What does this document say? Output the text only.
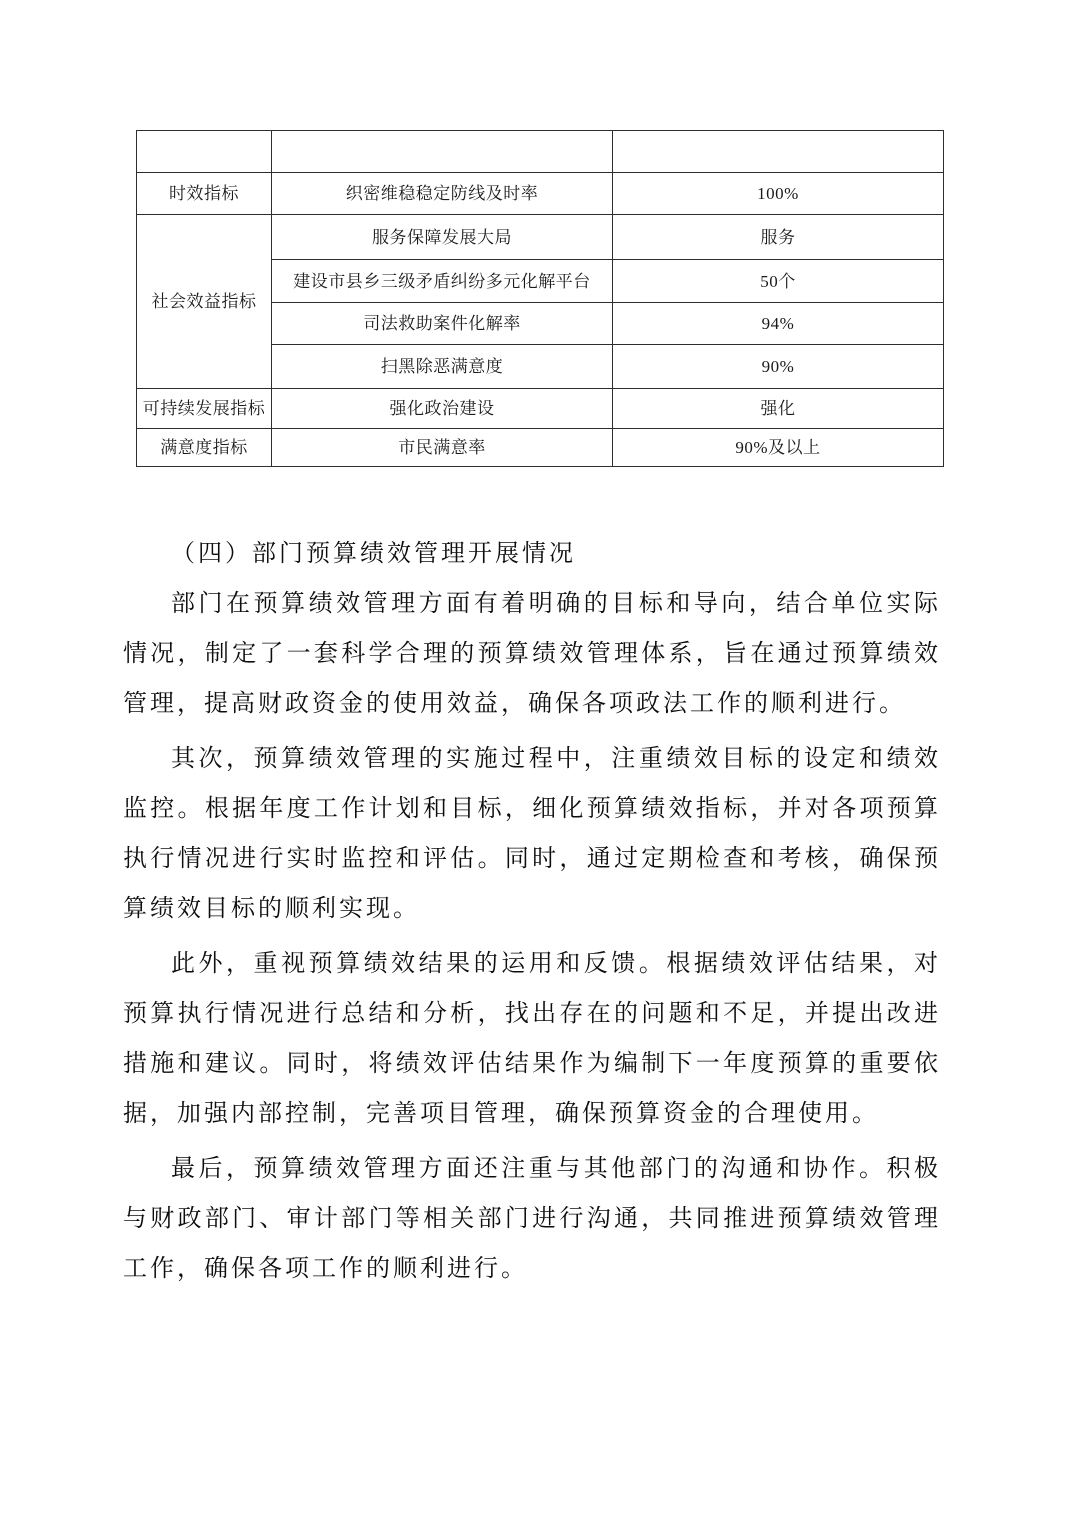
时效指标	织密维稳稳定防线及时率	100%
社会效益指标	服务保障发展大局	服务
	建设市县乡三级矛盾纠纷多元化解平台	50个
	司法救助案件化解率	94%
	扫黑除恶满意度	90%
可持续发展指标	强化政治建设	强化
满意度指标	市民满意率	90%及以上
（四）部门预算绩效管理开展情况

部门在预算绩效管理方面有着明确的目标和导向，结合单位实际情况，制定了一套科学合理的预算绩效管理体系，旨在通过预算绩效管理，提高财政资金的使用效益，确保各项政法工作的顺利进行。

其次，预算绩效管理的实施过程中，注重绩效目标的设定和绩效监控。根据年度工作计划和目标，细化预算绩效指标，并对各项预算执行情况进行实时监控和评估。同时，通过定期检查和考核，确保预算绩效目标的顺利实现。

此外，重视预算绩效结果的运用和反馈。根据绩效评估结果，对预算执行情况进行总结和分析，找出存在的问题和不足，并提出改进措施和建议。同时，将绩效评估结果作为编制下一年度预算的重要依据，加强内部控制，完善项目管理，确保预算资金的合理使用。

最后，预算绩效管理方面还注重与其他部门的沟通和协作。积极与财政部门、审计部门等相关部门进行沟通，共同推进预算绩效管理工作，确保各项工作的顺利进行。
